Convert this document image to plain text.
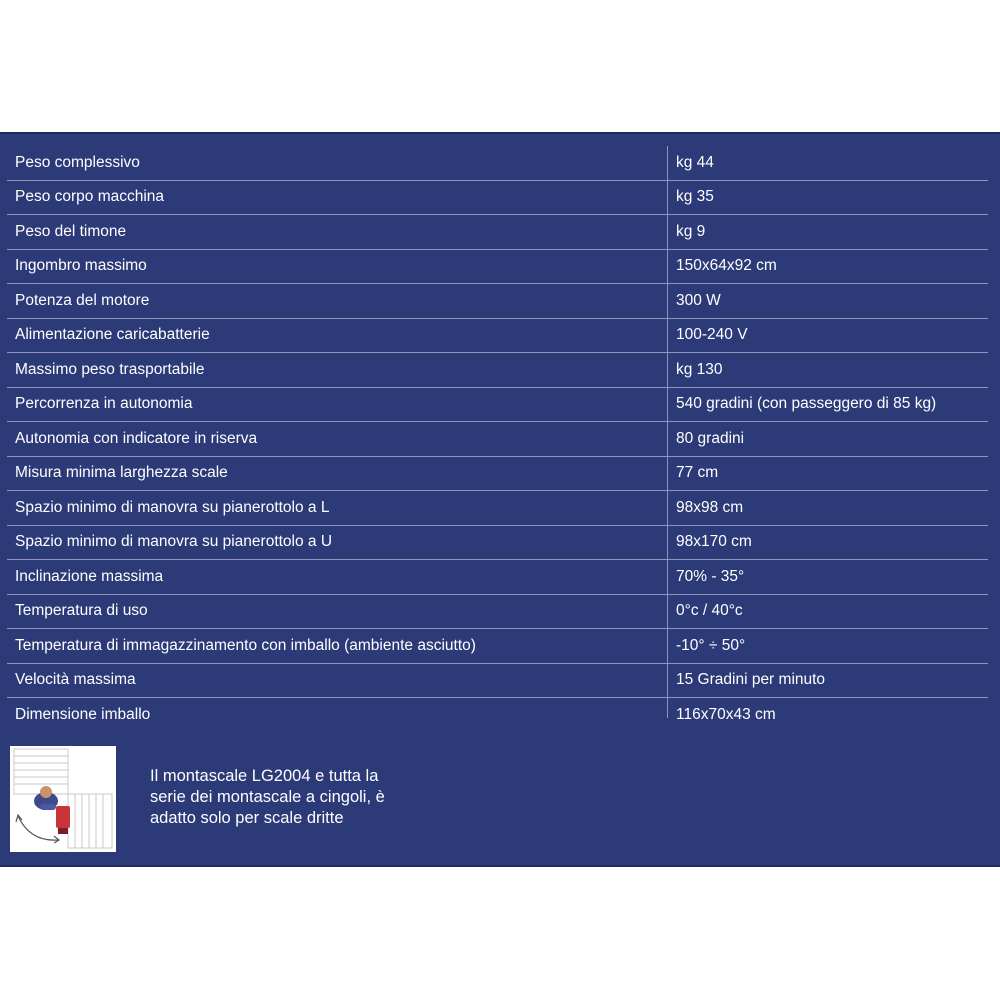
Peso complessivo	kg 44
Peso corpo macchina	kg 35
Peso del timone	kg 9
Ingombro massimo	150x64x92 cm
Potenza del motore	300 W
Alimentazione caricabatterie	100-240 V
Massimo peso trasportabile	kg 130
Percorrenza in autonomia	540 gradini (con passeggero di 85 kg)
Autonomia con indicatore in riserva	80 gradini
Misura minima larghezza scale	77 cm
Spazio minimo di manovra su pianerottolo a L	98x98 cm
Spazio minimo di manovra su pianerottolo a U	98x170 cm
Inclinazione massima	70% - 35°
Temperatura di uso	0°c / 40°c
Temperatura di immagazzinamento con imballo (ambiente asciutto)	-10° ÷ 50°
Velocità massima	15 Gradini per minuto
Dimensione imballo	116x70x43 cm

Il montascale LG2004 e tutta la
serie dei montascale a cingoli, è
adatto solo per scale dritte
